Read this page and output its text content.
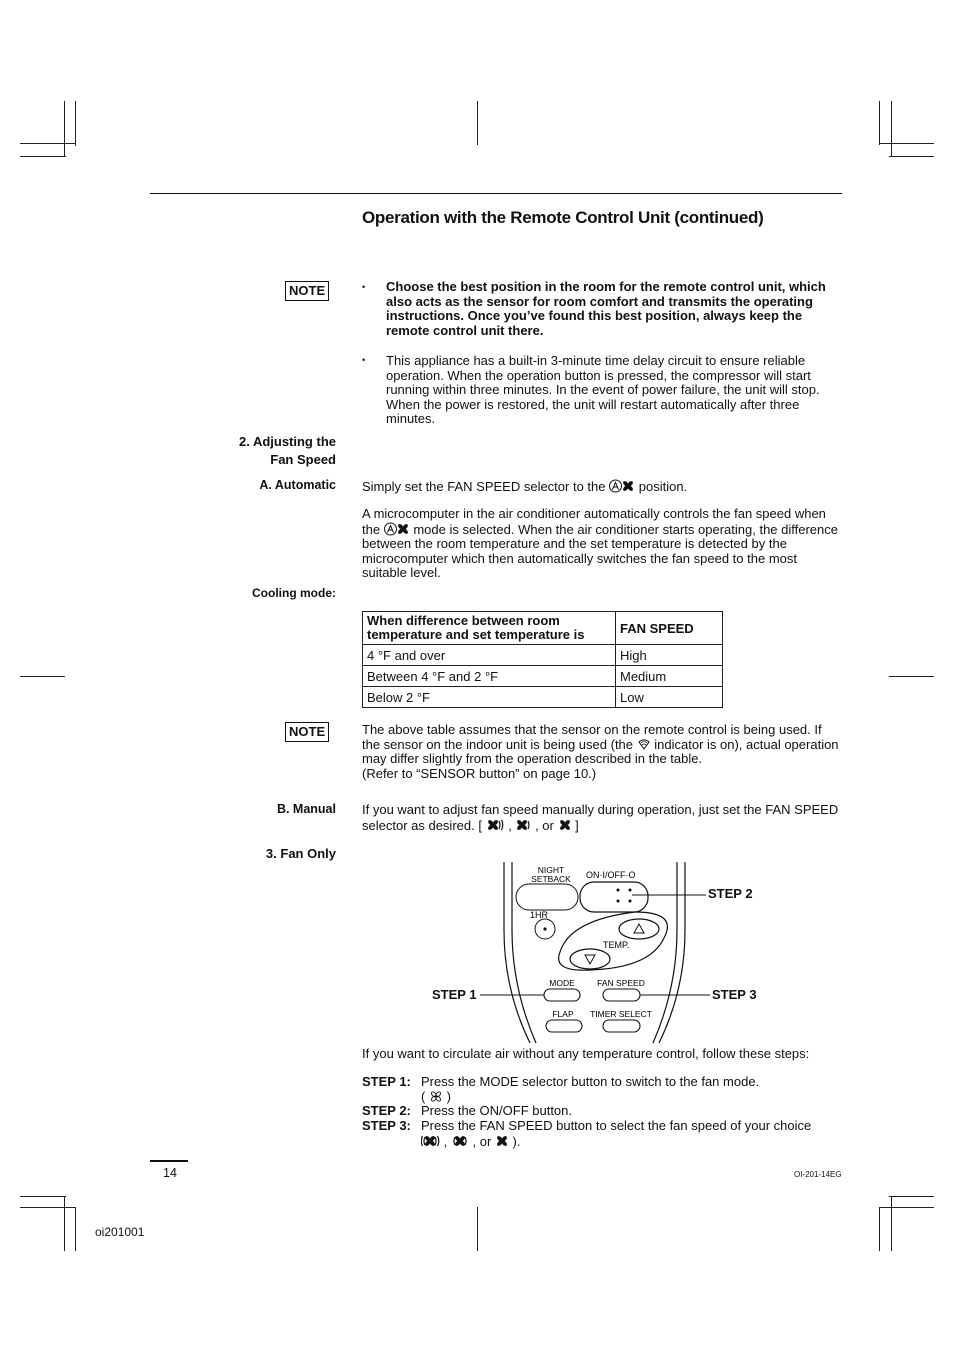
Operation with the Remote Control Unit (continued)
NOTE	• Choose the best position in the room for the remote control unit, which also acts as the sensor for room comfort and transmits the operating instructions. Once you’ve found this best position, always keep the remote control unit there.
• This appliance has a built-in 3-minute time delay circuit to ensure reliable operation. When the operation button is pressed, the compressor will start running within three minutes. In the event of power failure, the unit will stop. When the power is restored, the unit will restart automatically after three minutes.
2. Adjusting the
Fan Speed
A. Automatic Simply set the FAN SPEED selector to the	position.
A microcomputer in the air conditioner automatically controls the fan speed when the	mode is selected. When the air conditioner starts operating, the difference between the room temperature and the set temperature is detected by the microcomputer which then automatically switches the fan speed to the most suitable level.
Cooling mode:
When difference between room temperature and set temperature is	FAN SPEED
4 °F and over	High
Between 4 °F and 2 °F	Medium
Below 2 °F	Low
NOTE	The above table assumes that the sensor on the remote control is being used. If the sensor on the indoor unit is being used (the indicator is on), actual operation may differ slightly from the operation described in the table.
(Refer to “SENSOR button” on page 10.)
B. Manual If you want to adjust fan speed manually during operation, just set the FAN SPEED selector as desired. [ , , or ]
3. Fan Only
NIGHT
SETBACK ON·I/OFF·O
1HR
TEMP.
MODE	FAN SPEED
FLAP TIMER SELECT
STEP 2
STEP 1	STEP 3
If you want to circulate air without any temperature control, follow these steps:
STEP 1: Press the MODE selector button to switch to the fan mode.
( )
STEP 2: Press the ON/OFF button.
STEP 3: Press the FAN SPEED button to select the fan speed of your choice
, , or ).
14	OI-201-14EG
oi201001
